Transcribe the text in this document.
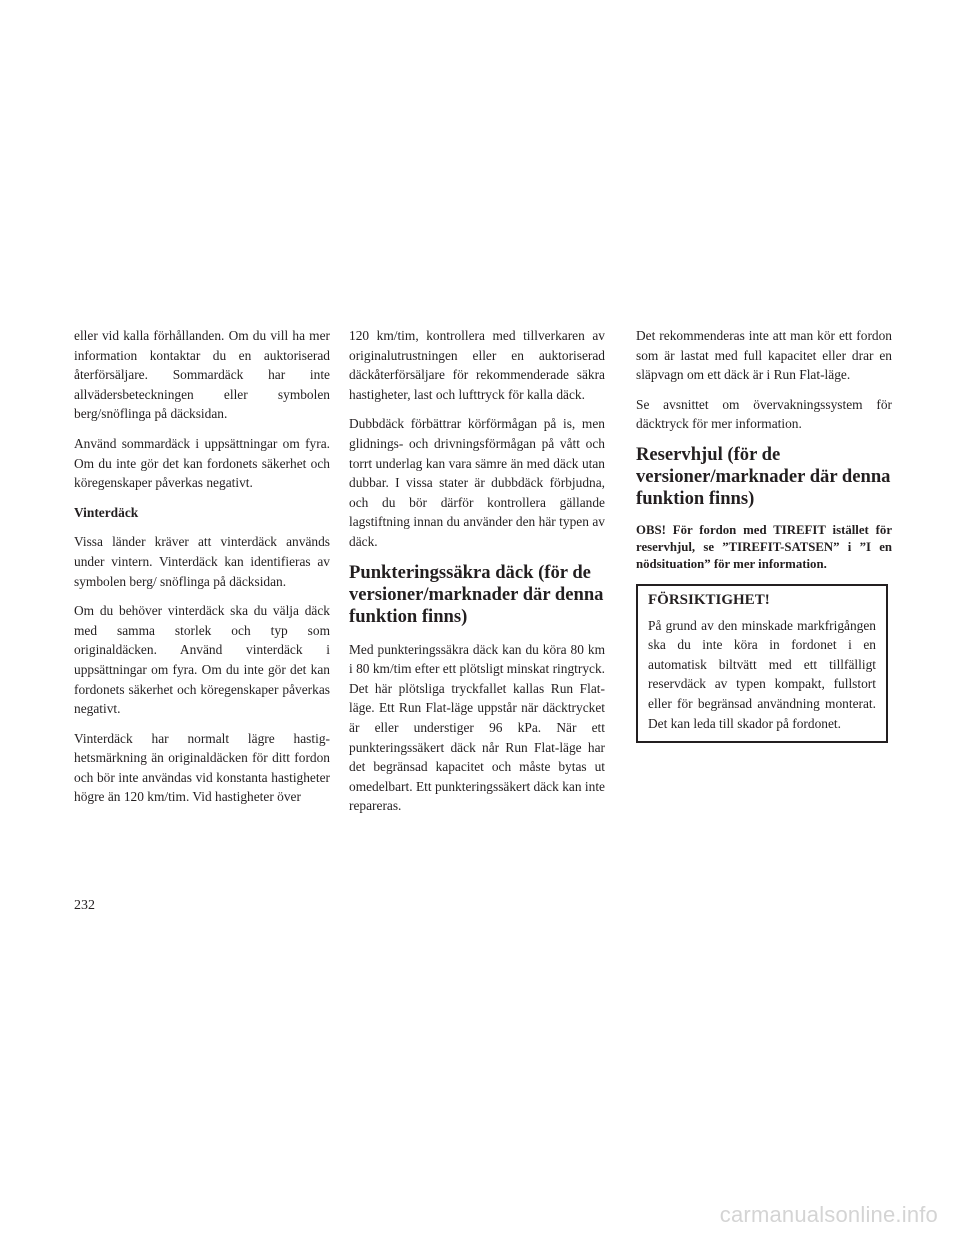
eller vid kalla förhållanden. Om du vill ha mer information kontaktar du en auktoriserad återförsäljare. Sommardäck har inte allvädersbeteckningen eller symbolen berg/snöflinga på däcksidan.

Använd sommardäck i uppsättningar om fyra. Om du inte gör det kan fordonets säkerhet och köregenskaper påverkas negativt.

Vinterdäck

Vissa länder kräver att vinterdäck används under vintern. Vinterdäck kan identifieras av symbolen berg/ snöflinga på däcksidan.

Om du behöver vinterdäck ska du välja däck med samma storlek och typ som originaldäcken. Använd vinterdäck i uppsättningar om fyra. Om du inte gör det kan fordonets säkerhet och köregenskaper påverkas negativt.

Vinterdäck har normalt lägre hastighetsmärkning än originaldäcken för ditt fordon och bör inte användas vid konstanta hastigheter högre än 120 km/tim. Vid hastigheter över

120 km/tim, kontrollera med tillverkaren av originalutrustningen eller en auktoriserad däckåterförsäljare för rekommenderade säkra hastigheter, last och lufttryck för kalla däck.

Dubbdäck förbättrar körförmågan på is, men glidnings- och drivningsförmågan på vått och torrt underlag kan vara sämre än med däck utan dubbar. I vissa stater är dubbdäck förbjudna, och du bör därför kontrollera gällande lagstiftning innan du använder den här typen av däck.

Punkteringssäkra däck (för de versioner/marknader där denna funktion finns)

Med punkteringssäkra däck kan du köra 80 km i 80 km/tim efter ett plötsligt minskat ringtryck. Det här plötsliga tryckfallet kallas Run Flatläge. Ett Run Flat-läge uppstår när däcktrycket är eller understiger 96 kPa. När ett punkteringssäkert däck når Run Flat-läge har det begränsad kapacitet och måste bytas ut omedelbart. Ett punkteringssäkert däck kan inte repareras.

Det rekommenderas inte att man kör ett fordon som är lastat med full kapacitet eller drar en släpvagn om ett däck är i Run Flat-läge.

Se avsnittet om övervakningssystem för däcktryck för mer information.

Reservhjul (för de versioner/marknader där denna funktion finns)

OBS! För fordon med TIREFIT istället för reservhjul, se ”TIREFIT-SATSEN” i ”I en nödsituation” för mer information.

FÖRSIKTIGHET!

På grund av den minskade markfrigången ska du inte köra in fordonet i en automatisk biltvätt med ett tillfälligt reservdäck av typen kompakt, fullstort eller för begränsad användning monterat. Det kan leda till skador på fordonet.

232
carmanualsonline.info
